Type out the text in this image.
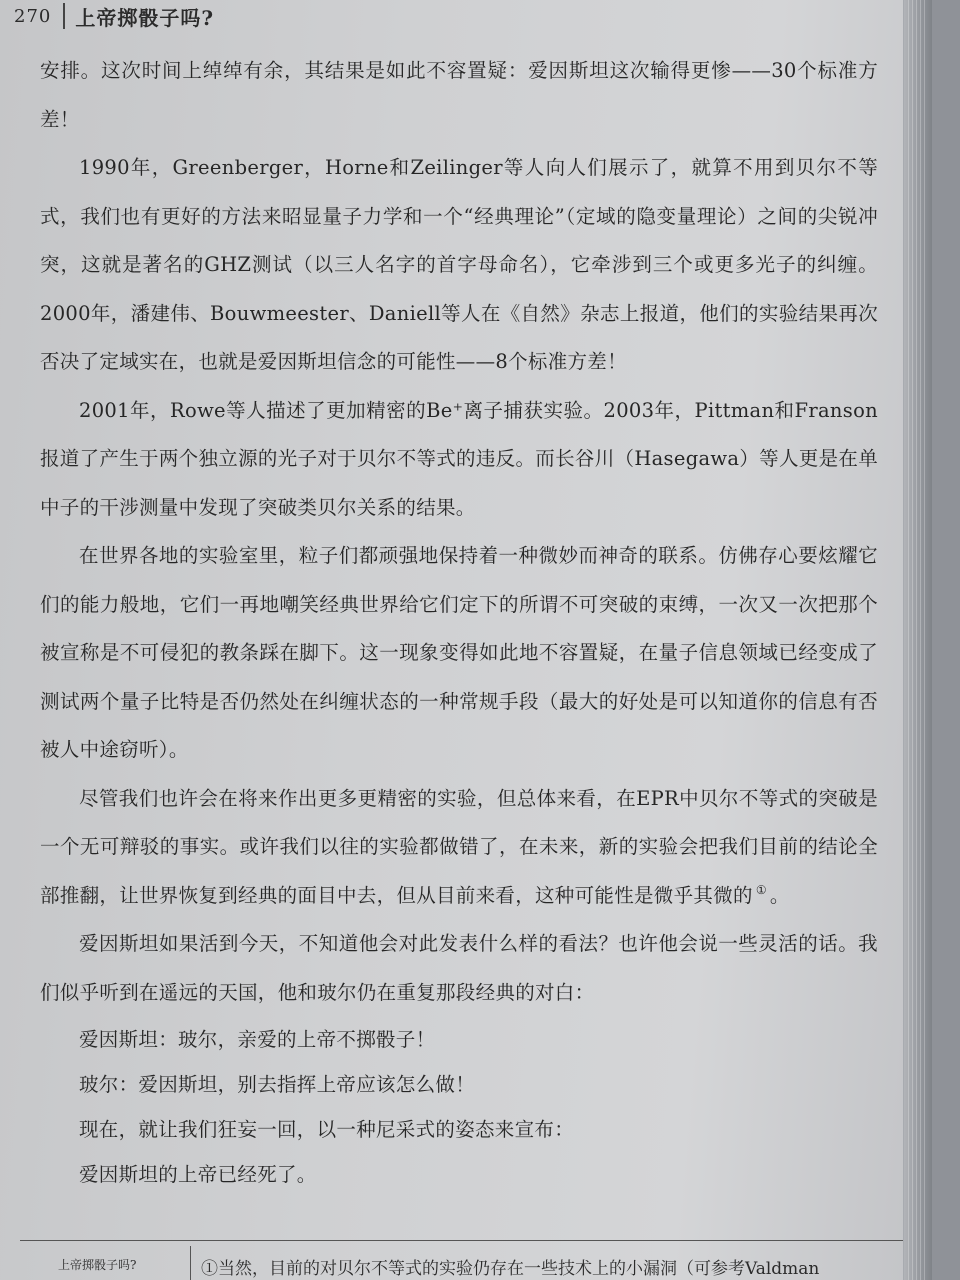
270 上帝掷骰子吗?

安排。这次时间上绰绰有余，其结果是如此不容置疑：爱因斯坦这次输得更惨——30个标准方差！

1990年，Greenberger，Horne和Zeilinger等人向人们展示了，就算不用到贝尔不等式，我们也有更好的方法来昭显量子力学和一个“经典理论”（定域的隐变量理论）之间的尖锐冲突，这就是著名的GHZ测试（以三人名字的首字母命名），它牵涉到三个或更多光子的纠缠。2000年，潘建伟、Bouwmeester、Daniell等人在《自然》杂志上报道，他们的实验结果再次否决了定域实在，也就是爱因斯坦信念的可能性——8个标准方差！

2001年，Rowe等人描述了更加精密的Be⁺离子捕获实验。2003年，Pittman和Franson报道了产生于两个独立源的光子对于贝尔不等式的违反。而长谷川（Hasegawa）等人更是在单中子的干涉测量中发现了突破类贝尔关系的结果。

在世界各地的实验室里，粒子们都顽强地保持着一种微妙而神奇的联系。仿佛存心要炫耀它们的能力般地，它们一再地嘲笑经典世界给它们定下的所谓不可突破的束缚，一次又一次把那个被宣称是不可侵犯的教条踩在脚下。这一现象变得如此地不容置疑，在量子信息领域已经变成了测试两个量子比特是否仍然处在纠缠状态的一种常规手段（最大的好处是可以知道你的信息有否被人中途窃听）。

尽管我们也许会在将来作出更多更精密的实验，但总体来看，在EPR中贝尔不等式的突破是一个无可辩驳的事实。或许我们以往的实验都做错了，在未来，新的实验会把我们目前的结论全部推翻，让世界恢复到经典的面目中去，但从目前来看，这种可能性是微乎其微的 ① 。

爱因斯坦如果活到今天，不知道他会对此发表什么样的看法？也许他会说一些灵活的话。我们似乎听到在遥远的天国，他和玻尔仍在重复那段经典的对白：

爱因斯坦：玻尔，亲爱的上帝不掷骰子！

玻尔：爱因斯坦，别去指挥上帝应该怎么做！

现在，就让我们狂妄一回，以一种尼采式的姿态来宣布：

爱因斯坦的上帝已经死了。

上帝掷骰子吗?	①当然，目前的对贝尔不等式的实验仍存在一些技术上的小漏洞（可参考Valdman
